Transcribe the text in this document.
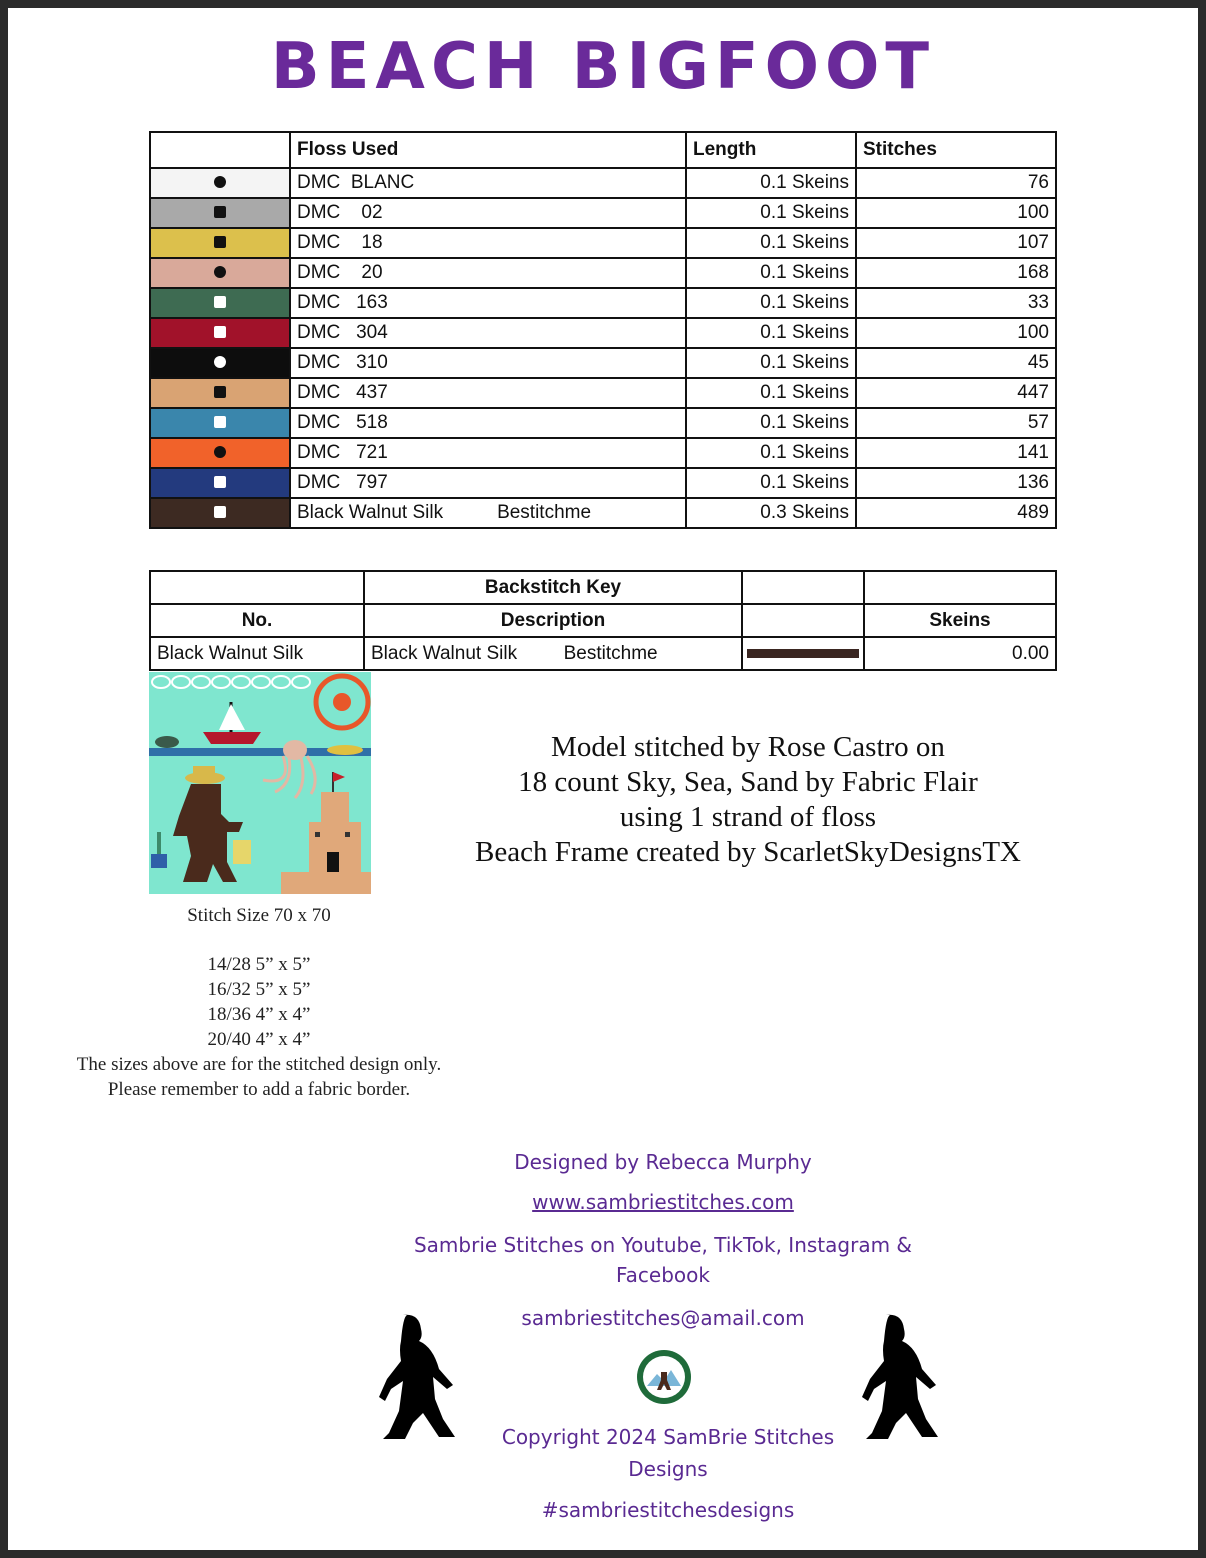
BEACH BIGFOOT
	Floss Used	Length	Stitches
	DMC  BLANC	0.1 Skeins	76
	DMC    02	0.1 Skeins	100
	DMC    18	0.1 Skeins	107
	DMC    20	0.1 Skeins	168
	DMC   163	0.1 Skeins	33
	DMC   304	0.1 Skeins	100
	DMC   310	0.1 Skeins	45
	DMC   437	0.1 Skeins	447
	DMC   518	0.1 Skeins	57
	DMC   721	0.1 Skeins	141
	DMC   797	0.1 Skeins	136
	Black Walnut Silk Bestitchme	0.3 Skeins	489
	Backstitch Key		
No.	Description		Skeins
Black Walnut Silk	Black Walnut Silk Bestitchme		0.00
Stitch Size 70 x 70
14/28 5” x 5”
16/32 5” x 5”
18/36 4” x 4”
20/40 4” x 4”
The sizes above are for the stitched design only.
Please remember to add a fabric border.
Model stitched by Rose Castro on
18 count Sky, Sea, Sand by Fabric Flair
using 1 strand of floss
Beach Frame created by ScarletSkyDesignsTX
Designed by Rebecca Murphy
www.sambriestitches.com
Sambrie Stitches on Youtube, TikTok, Instagram & Facebook
sambriestitches@amail.com
Copyright 2024 SamBrie Stitches Designs
#sambriestitchesdesigns
